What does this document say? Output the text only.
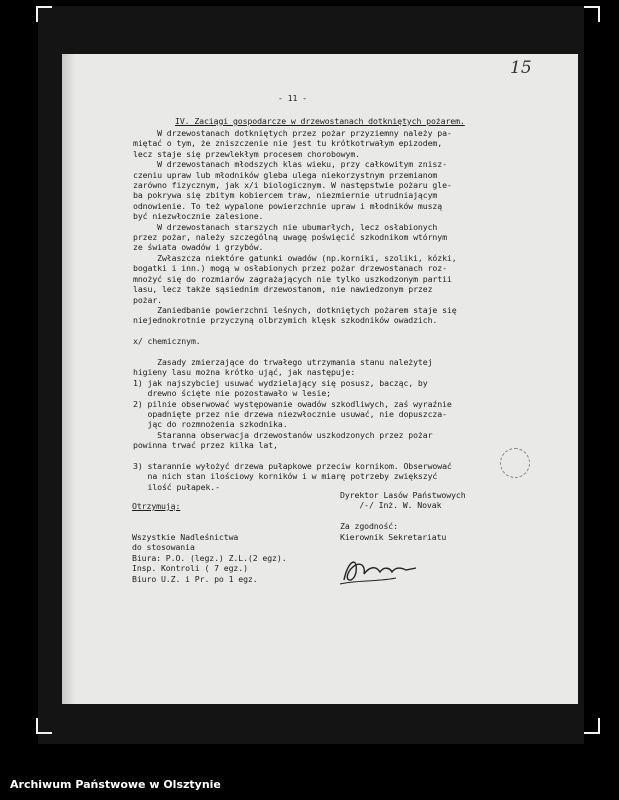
15
- 11 -
IV. Zaciągi gospodarcze w drzewostanach dotkniętych pożarem.
W drzewostanach dotkniętych przez pożar przyziemny należy pa-
miętać o tym, że zniszczenie nie jest tu krótkotrwałym epizodem,
lecz staje się przewlekłym procesem chorobowym.
W drzewostanach młodszych klas wieku, przy całkowitym znisz-
czeniu upraw lub młodników gleba ulega niekorzystnym przemianom
zarówno fizycznym, jak x/i biologicznym. W następstwie pożaru gle-
ba pokrywa się zbitym kobiercem traw, niezmiernie utrudniającym
odnowienie. To też wypalone powierzchnie upraw i młodników muszą
być niezwłocznie zalesione.
W drzewostanach starszych nie ubumarłych, lecz osłabionych
przez pożar, należy szczególną uwagę poświęcić szkodnikom wtórnym
ze świata owadów i grzybów.
Zwłaszcza niektóre gatunki owadów (np.korniki, szoliki, kózki,
bogatki i inn.) mogą w osłabionych przez pożar drzewostanach roz-
mnożyć się do rozmiarów zagrażających nie tylko uszkodzonym partii
lasu, lecz także sąsiednim drzewostanom, nie nawiedzonym przez
pożar.
Zaniedbanie powierzchni leśnych, dotkniętych pożarem staje się
niejednokrotnie przyczyną olbrzymich klęsk szkodników owadzich.

x/ chemicznym.

Zasady zmierzające do trwałego utrzymania stanu należytej
higieny lasu można krótko ująć, jak następuje:
1) jak najszybciej usuwać wydzielający się posusz, bacząc, by
drewno ścięte nie pozostawało w lesie;
2) pilnie obserwować występowanie owadów szkodliwych, zaś wyraźnie
opadnięte przez nie drzewa niezwłocznie usuwać, nie dopuszcza-
jąc do rozmnożenia szkodnika.
Staranna obserwacja drzewostanów uszkodzonych przez pożar
powinna trwać przez kilka lat,

3) starannie wyłożyć drzewa pułapkowe przeciw kornikom. Obserwować
na nich stan ilościowy korników i w miarę potrzeby zwiększyć
ilość pułapek.-

Otrzymują:

Wszystkie Nadleśnictwa
do stosowania
Biura: P.O. (legz.) Z.L.(2 egz).
Insp. Kontroli ( 7 egz.)
Biuro U.Z. i Pr. po 1 egz.

Dyrektor Lasów Państwowych
/-/ Inż. W. Novak

Za zgodność:
Kierownik Sekretariatu
Archiwum Państwowe w Olsztynie
